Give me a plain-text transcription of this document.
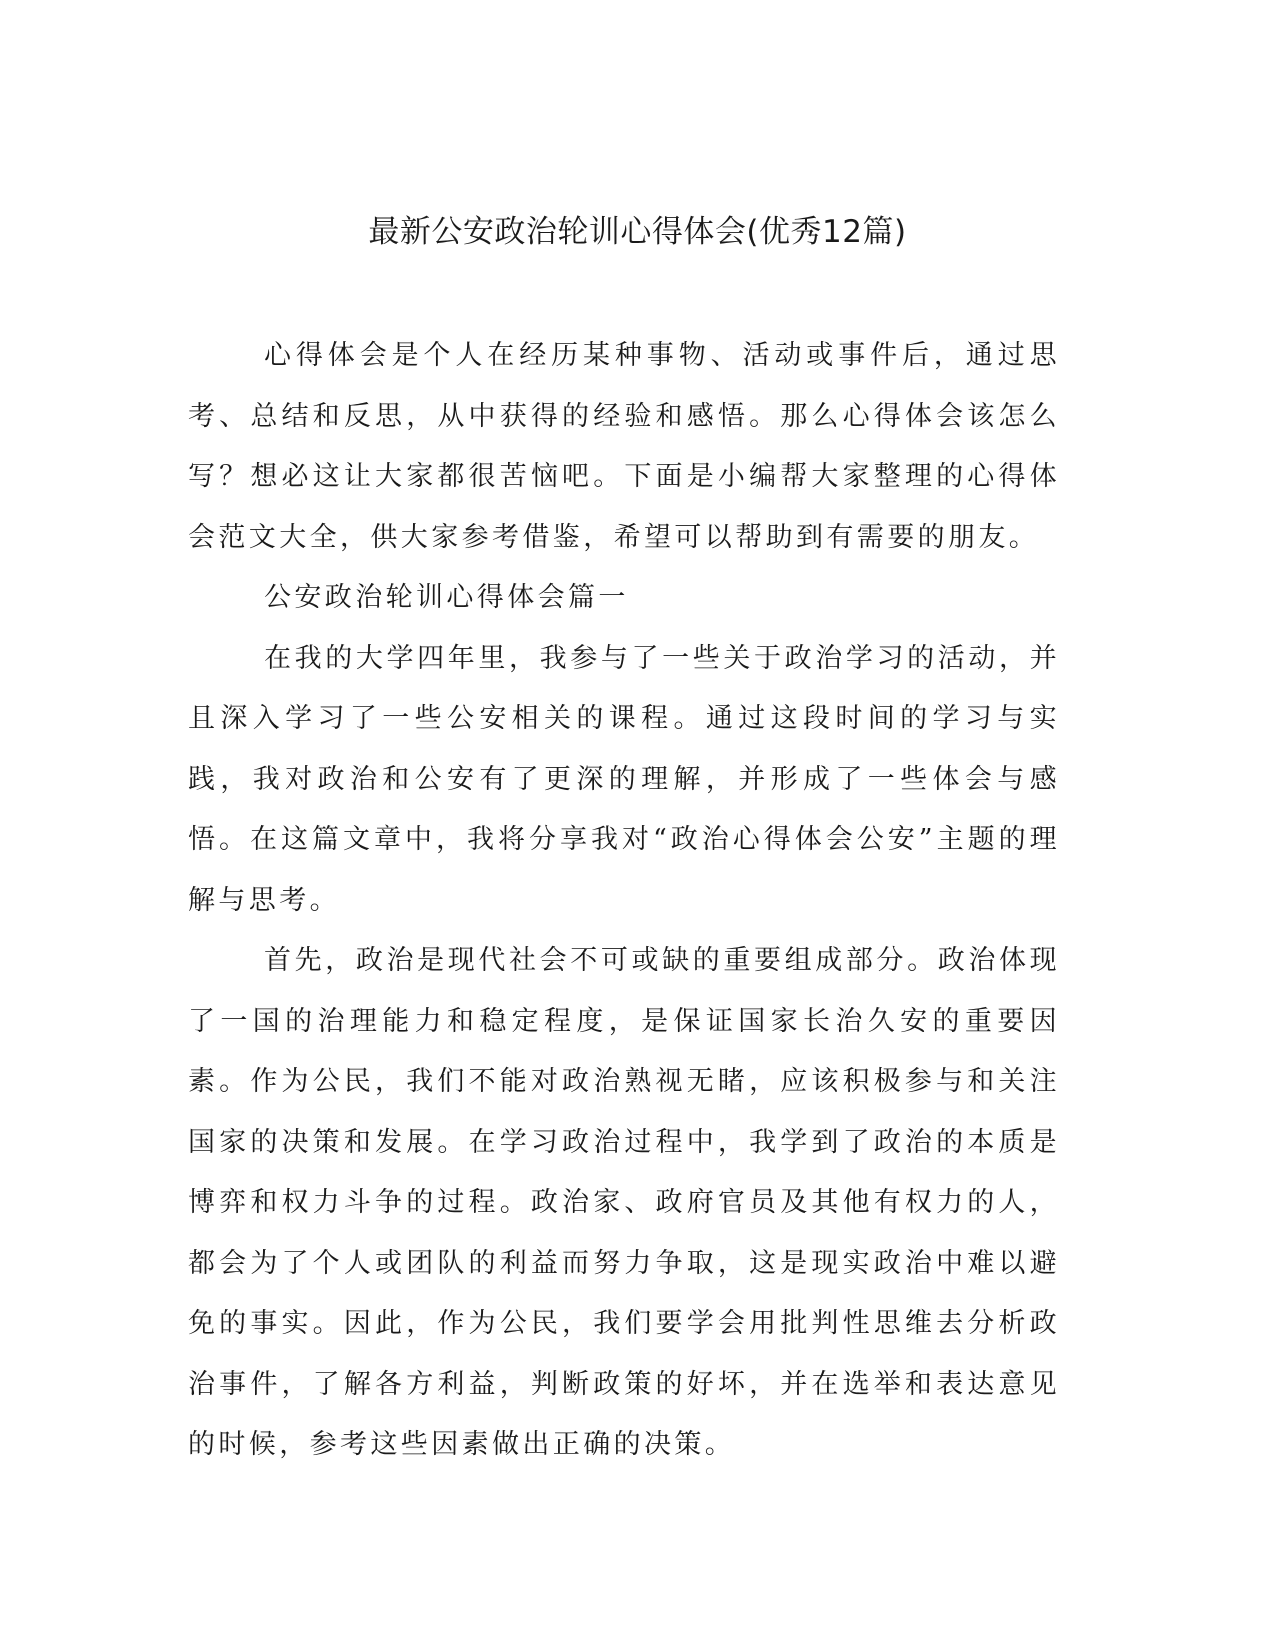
最新公安政治轮训心得体会(优秀12篇)

心得体会是个人在经历某种事物、活动或事件后，通过思考、总结和反思，从中获得的经验和感悟。那么心得体会该怎么写？想必这让大家都很苦恼吧。下面是小编帮大家整理的心得体会范文大全，供大家参考借鉴，希望可以帮助到有需要的朋友。

公安政治轮训心得体会篇一

在我的大学四年里，我参与了一些关于政治学习的活动，并且深入学习了一些公安相关的课程。通过这段时间的学习与实践，我对政治和公安有了更深的理解，并形成了一些体会与感悟。在这篇文章中，我将分享我对“政治心得体会公安”主题的理解与思考。

首先，政治是现代社会不可或缺的重要组成部分。政治体现了一国的治理能力和稳定程度，是保证国家长治久安的重要因素。作为公民，我们不能对政治熟视无睹，应该积极参与和关注国家的决策和发展。在学习政治过程中，我学到了政治的本质是博弈和权力斗争的过程。政治家、政府官员及其他有权力的人，都会为了个人或团队的利益而努力争取，这是现实政治中难以避免的事实。因此，作为公民，我们要学会用批判性思维去分析政治事件，了解各方利益，判断政策的好坏，并在选举和表达意见的时候，参考这些因素做出正确的决策。
